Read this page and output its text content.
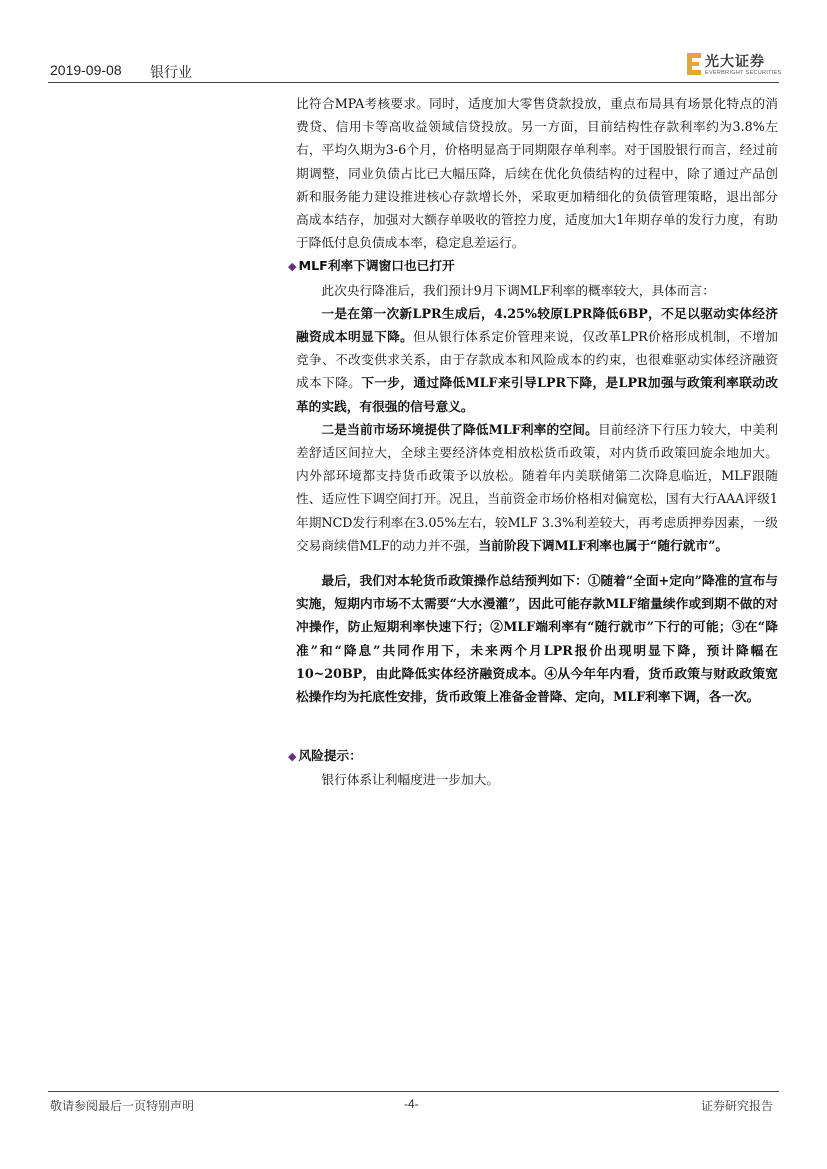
2019-09-08 银行业
光大证券
EVERBRIGHT SECURITIES

比符合MPA考核要求。同时，适度加大零售贷款投放，重点布局具有场景化特点的消费贷、信用卡等高收益领域信贷投放。另一方面，目前结构性存款利率约为3.8%左右，平均久期为3-6个月，价格明显高于同期限存单利率。对于国股银行而言，经过前期调整，同业负债占比已大幅压降，后续在优化负债结构的过程中，除了通过产品创新和服务能力建设推进核心存款增长外，采取更加精细化的负债管理策略，退出部分高成本结存，加强对大额存单吸收的管控力度，适度加大1年期存单的发行力度，有助于降低付息负债成本率，稳定息差运行。

◆ MLF利率下调窗口也已打开

此次央行降准后，我们预计9月下调MLF利率的概率较大，具体而言：

一是在第一次新LPR生成后，4.25%较原LPR降低6BP，不足以驱动实体经济融资成本明显下降。但从银行体系定价管理来说，仅改革LPR价格形成机制，不增加竞争、不改变供求关系，由于存款成本和风险成本的约束，也很难驱动实体经济融资成本下降。下一步，通过降低MLF来引导LPR下降，是LPR加强与政策利率联动改革的实践，有很强的信号意义。

二是当前市场环境提供了降低MLF利率的空间。目前经济下行压力较大，中美利差舒适区间拉大，全球主要经济体竞相放松货币政策，对内货币政策回旋余地加大。内外部环境都支持货币政策予以放松。随着年内美联储第二次降息临近，MLF跟随性、适应性下调空间打开。况且，当前资金市场价格相对偏宽松，国有大行AAA评级1年期NCD发行利率在3.05%左右，较MLF 3.3%利差较大，再考虑质押券因素，一级交易商续借MLF的动力并不强，当前阶段下调MLF利率也属于“随行就市”。

最后，我们对本轮货币政策操作总结预判如下：①随着“全面+定向”降准的宣布与实施，短期内市场不太需要“大水漫灌”，因此可能存款MLF缩量续作或到期不做的对冲操作，防止短期利率快速下行；②MLF端利率有“随行就市”下行的可能；③在“降准”和“降息”共同作用下，未来两个月LPR报价出现明显下降，预计降幅在10~20BP，由此降低实体经济融资成本。④从今年年内看，货币政策与财政政策宽松操作均为托底性安排，货币政策上准备金普降、定向，MLF利率下调，各一次。

◆ 风险提示：

银行体系让利幅度进一步加大。

敬请参阅最后一页特别声明	-4-	证券研究报告
